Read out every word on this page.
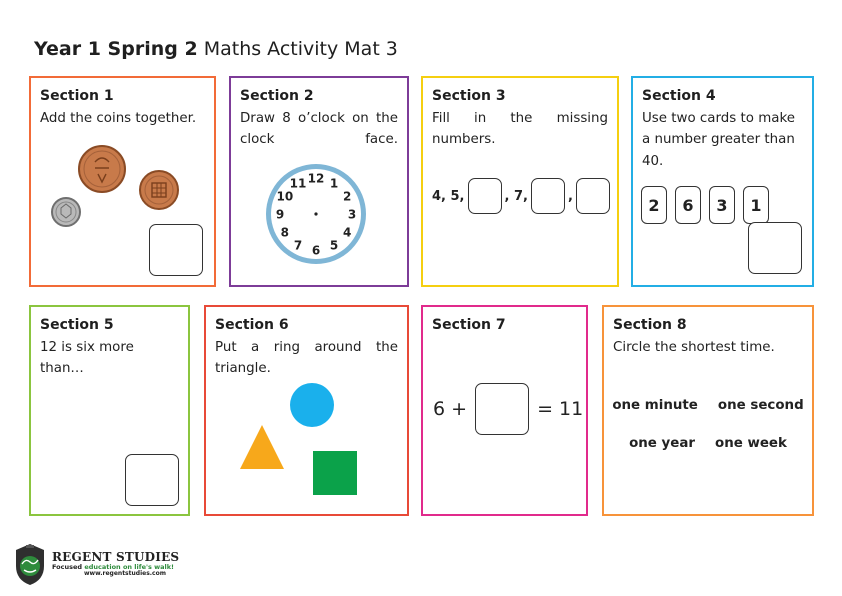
Year 1 Spring 2 Maths Activity Mat 3
Section 1

Add the coins together.

Section 2

Draw 8 o’clock on the clock face.

12 1
2
3
4
5
6
7
8
9
10
11
Section 3

Fill in the missing numbers.

4,
5,	,
7,	,
Section 4

Use two cards to make a number greater than 40.

2	6	3	1
Section 5

12 is six more than…

Section 6

Put a ring around the triangle.

Section 7
6 +	= 11
Section 8

Circle the shortest time.

one minute one second
one year one week
REGENT STUDIES
Focused education on life's walk!
www.regentstudies.com
